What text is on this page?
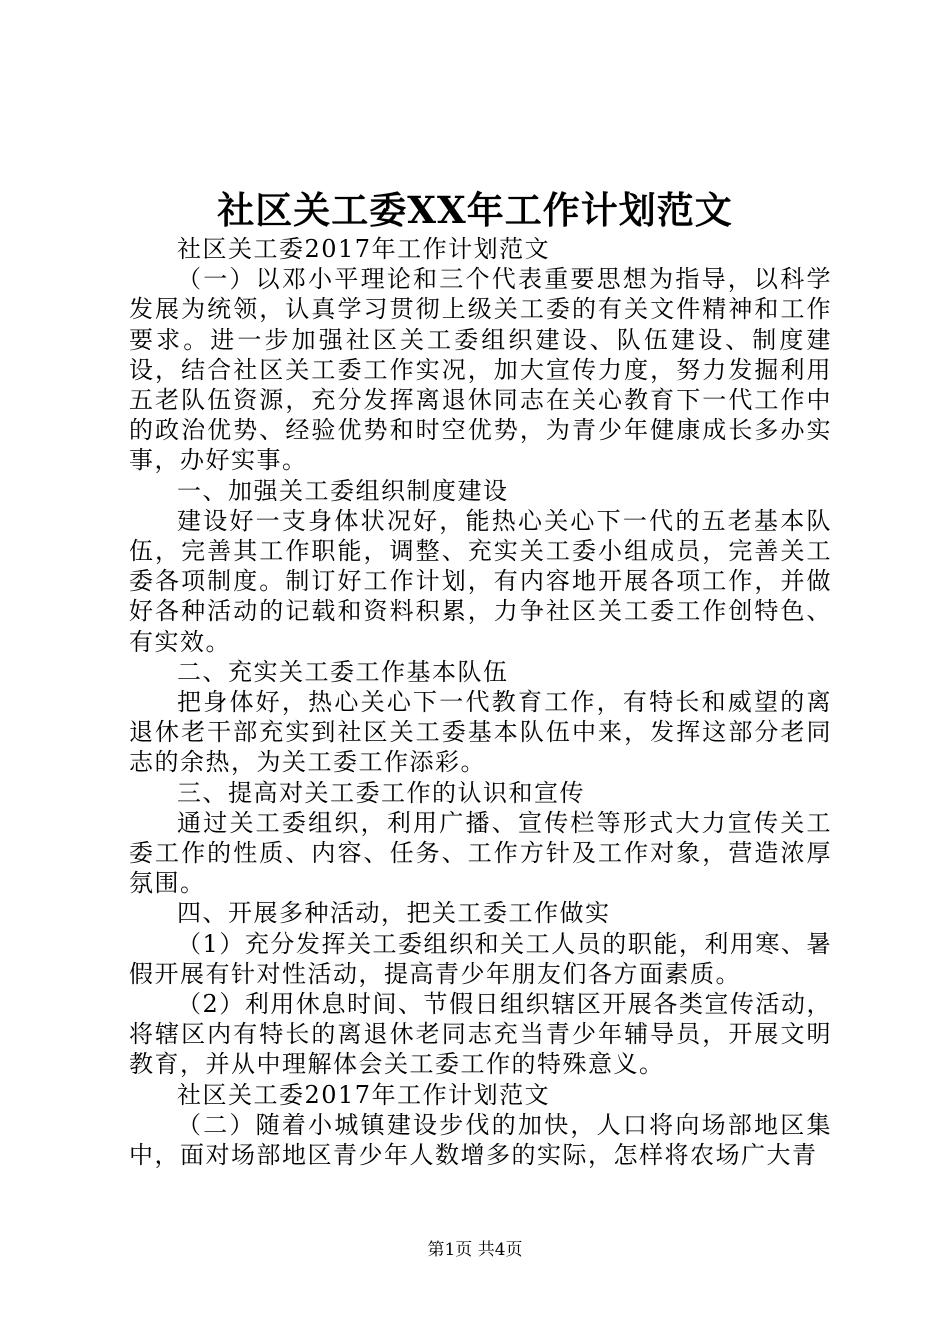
社区关工委XX年工作计划范文

社区关工委2017年工作计划范文

（一）以邓小平理论和三个代表重要思想为指导，以科学发展为统领，认真学习贯彻上级关工委的有关文件精神和工作要求。进一步加强社区关工委组织建设、队伍建设、制度建设，结合社区关工委工作实况，加大宣传力度，努力发掘利用五老队伍资源，充分发挥离退休同志在关心教育下一代工作中的政治优势、经验优势和时空优势，为青少年健康成长多办实事，办好实事。

一、加强关工委组织制度建设

建设好一支身体状况好，能热心关心下一代的五老基本队伍，完善其工作职能，调整、充实关工委小组成员，完善关工委各项制度。制订好工作计划，有内容地开展各项工作，并做好各种活动的记载和资料积累，力争社区关工委工作创特色、有实效。

二、充实关工委工作基本队伍

把身体好，热心关心下一代教育工作，有特长和威望的离退休老干部充实到社区关工委基本队伍中来，发挥这部分老同志的余热，为关工委工作添彩。

三、提高对关工委工作的认识和宣传

通过关工委组织，利用广播、宣传栏等形式大力宣传关工委工作的性质、内容、任务、工作方针及工作对象，营造浓厚氛围。

四、开展多种活动，把关工委工作做实

（1）充分发挥关工委组织和关工人员的职能，利用寒、暑假开展有针对性活动，提高青少年朋友们各方面素质。

（2）利用休息时间、节假日组织辖区开展各类宣传活动，将辖区内有特长的离退休老同志充当青少年辅导员，开展文明教育，并从中理解体会关工委工作的特殊意义。

社区关工委2017年工作计划范文

（二）随着小城镇建设步伐的加快，人口将向场部地区集中，面对场部地区青少年人数增多的实际，怎样将农场广大青

第1页 共4页
